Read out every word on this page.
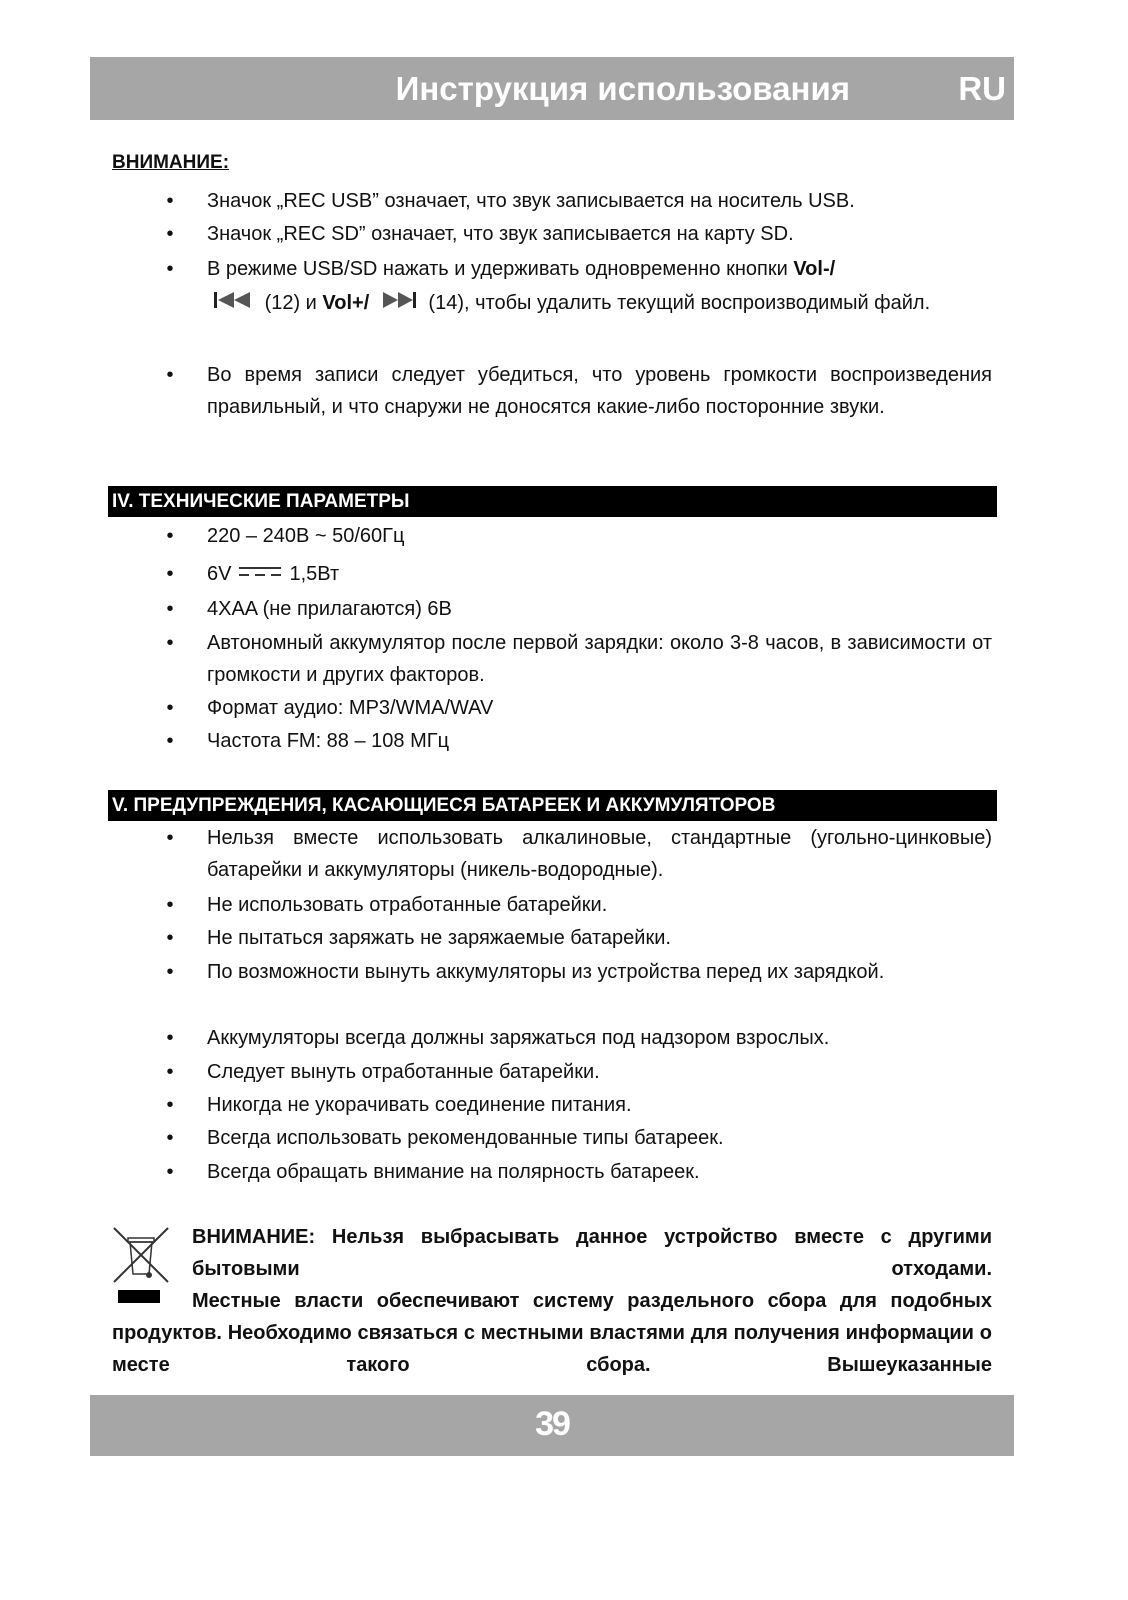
Инструкция использования	RU
ВНИМАНИЕ:
•	Значок „REC USB” означает, что звук записывается на носитель USB.
•	Значок „REC SD” означает, что звук записывается на карту SD.
•	В режиме USB/SD нажать и удерживать одновременно кнопки Vol-/
(12) и Vol+/	(14), чтобы удалить текущий воспроизводимый файл.
•	Во время записи следует убедиться, что уровень громкости воспроизведения правильный, и что снаружи не доносятся какие-либо посторонние звуки.
IV. ТЕХНИЧЕСКИЕ ПАРАМЕТРЫ
•	220 – 240В ~ 50/60Гц
•	6V	1,5Вт
•	4XAA (не прилагаются) 6В
•	Автономный аккумулятор после первой зарядки: около 3-8 часов, в зависимости от громкости и других факторов.
•	Формат аудио: MP3/WMA/WAV
•	Частота FM: 88 – 108 МГц
V. ПРЕДУПРЕЖДЕНИЯ, КАСАЮЩИЕСЯ БАТАРЕЕК И АККУМУЛЯТОРОВ
•	Нельзя вместе использовать алкалиновые, стандартные (угольно-цинковые) батарейки и аккумуляторы (никель-водородные).
•	Не использовать отработанные батарейки.
•	Не пытаться заряжать не заряжаемые батарейки.
•	По возможности вынуть аккумуляторы из устройства перед их зарядкой.
•	Аккумуляторы всегда должны заряжаться под надзором взрослых.
•	Следует вынуть отработанные батарейки.
•	Никогда не укорачивать соединение питания.
•	Всегда использовать рекомендованные типы батареек.
•	Всегда обращать внимание на полярность батареек.
ВНИМАНИЕ: Нельзя выбрасывать данное устройство вместе с другими бытовыми отходами.
Местные власти обеспечивают систему раздельного сбора для подобных продуктов. Необходимо связаться с местными властями для получения информации о месте такого сбора. Вышеуказанные
39
